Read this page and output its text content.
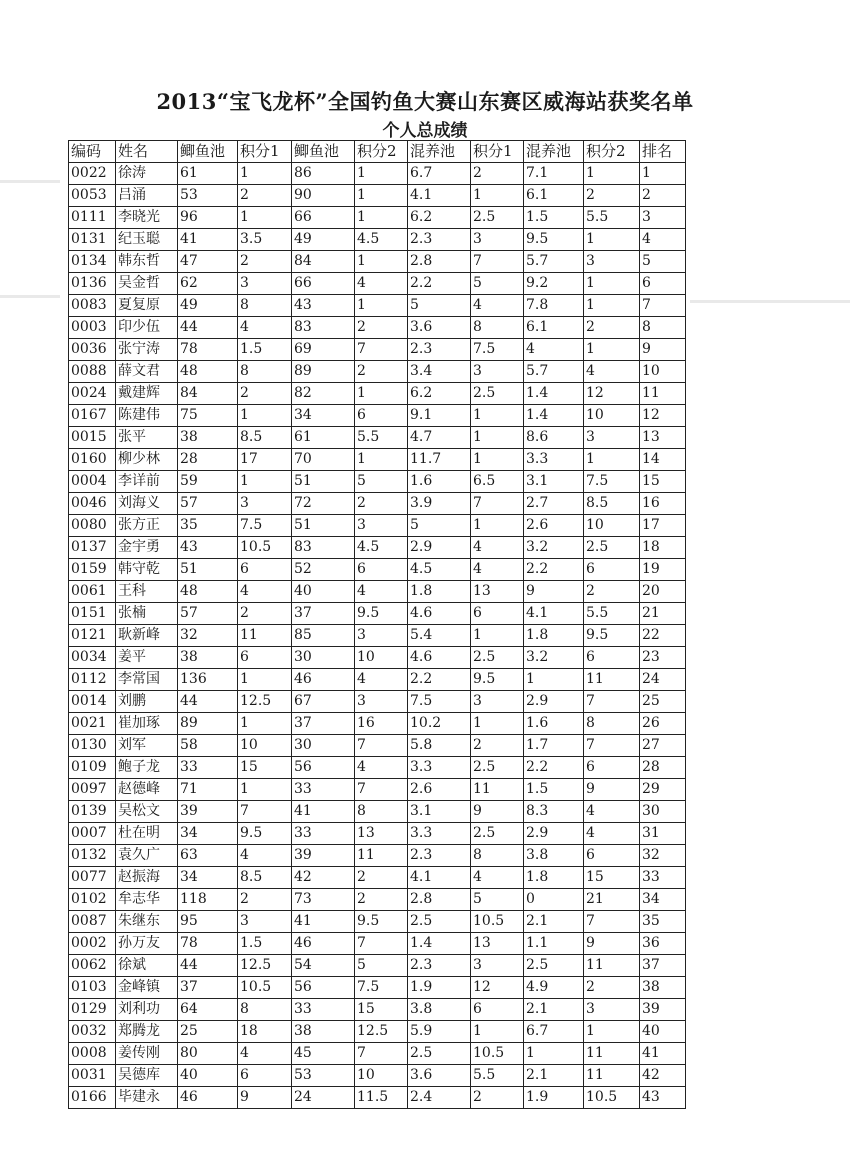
2013“宝飞龙杯”全国钓鱼大赛山东赛区威海站获奖名单
个人总成绩
编码	姓名	鲫鱼池	积分1	鲫鱼池	积分2	混养池	积分1	混养池	积分2	排名
0022	徐涛	61	1	86	1	6.7	2	7.1	1	1
0053	吕涌	53	2	90	1	4.1	1	6.1	2	2
0111	李晓光	96	1	66	1	6.2	2.5	1.5	5.5	3
0131	纪玉聪	41	3.5	49	4.5	2.3	3	9.5	1	4
0134	韩东哲	47	2	84	1	2.8	7	5.7	3	5
0136	吴金哲	62	3	66	4	2.2	5	9.2	1	6
0083	夏复原	49	8	43	1	5	4	7.8	1	7
0003	印少伍	44	4	83	2	3.6	8	6.1	2	8
0036	张宁涛	78	1.5	69	7	2.3	7.5	4	1	9
0088	薛文君	48	8	89	2	3.4	3	5.7	4	10
0024	戴建辉	84	2	82	1	6.2	2.5	1.4	12	11
0167	陈建伟	75	1	34	6	9.1	1	1.4	10	12
0015	张平	38	8.5	61	5.5	4.7	1	8.6	3	13
0160	柳少林	28	17	70	1	11.7	1	3.3	1	14
0004	李详前	59	1	51	5	1.6	6.5	3.1	7.5	15
0046	刘海义	57	3	72	2	3.9	7	2.7	8.5	16
0080	张方正	35	7.5	51	3	5	1	2.6	10	17
0137	金宇勇	43	10.5	83	4.5	2.9	4	3.2	2.5	18
0159	韩守乾	51	6	52	6	4.5	4	2.2	6	19
0061	王科	48	4	40	4	1.8	13	9	2	20
0151	张楠	57	2	37	9.5	4.6	6	4.1	5.5	21
0121	耿新峰	32	11	85	3	5.4	1	1.8	9.5	22
0034	姜平	38	6	30	10	4.6	2.5	3.2	6	23
0112	李常国	136	1	46	4	2.2	9.5	1	11	24
0014	刘鹏	44	12.5	67	3	7.5	3	2.9	7	25
0021	崔加琢	89	1	37	16	10.2	1	1.6	8	26
0130	刘军	58	10	30	7	5.8	2	1.7	7	27
0109	鲍子龙	33	15	56	4	3.3	2.5	2.2	6	28
0097	赵德峰	71	1	33	7	2.6	11	1.5	9	29
0139	吴松文	39	7	41	8	3.1	9	8.3	4	30
0007	杜在明	34	9.5	33	13	3.3	2.5	2.9	4	31
0132	袁久广	63	4	39	11	2.3	8	3.8	6	32
0077	赵振海	34	8.5	42	2	4.1	4	1.8	15	33
0102	牟志华	118	2	73	2	2.8	5	0	21	34
0087	朱继东	95	3	41	9.5	2.5	10.5	2.1	7	35
0002	孙万友	78	1.5	46	7	1.4	13	1.1	9	36
0062	徐斌	44	12.5	54	5	2.3	3	2.5	11	37
0103	金峰镇	37	10.5	56	7.5	1.9	12	4.9	2	38
0129	刘利功	64	8	33	15	3.8	6	2.1	3	39
0032	郑腾龙	25	18	38	12.5	5.9	1	6.7	1	40
0008	姜传刚	80	4	45	7	2.5	10.5	1	11	41
0031	吴德库	40	6	53	10	3.6	5.5	2.1	11	42
0166	毕建永	46	9	24	11.5	2.4	2	1.9	10.5	43
